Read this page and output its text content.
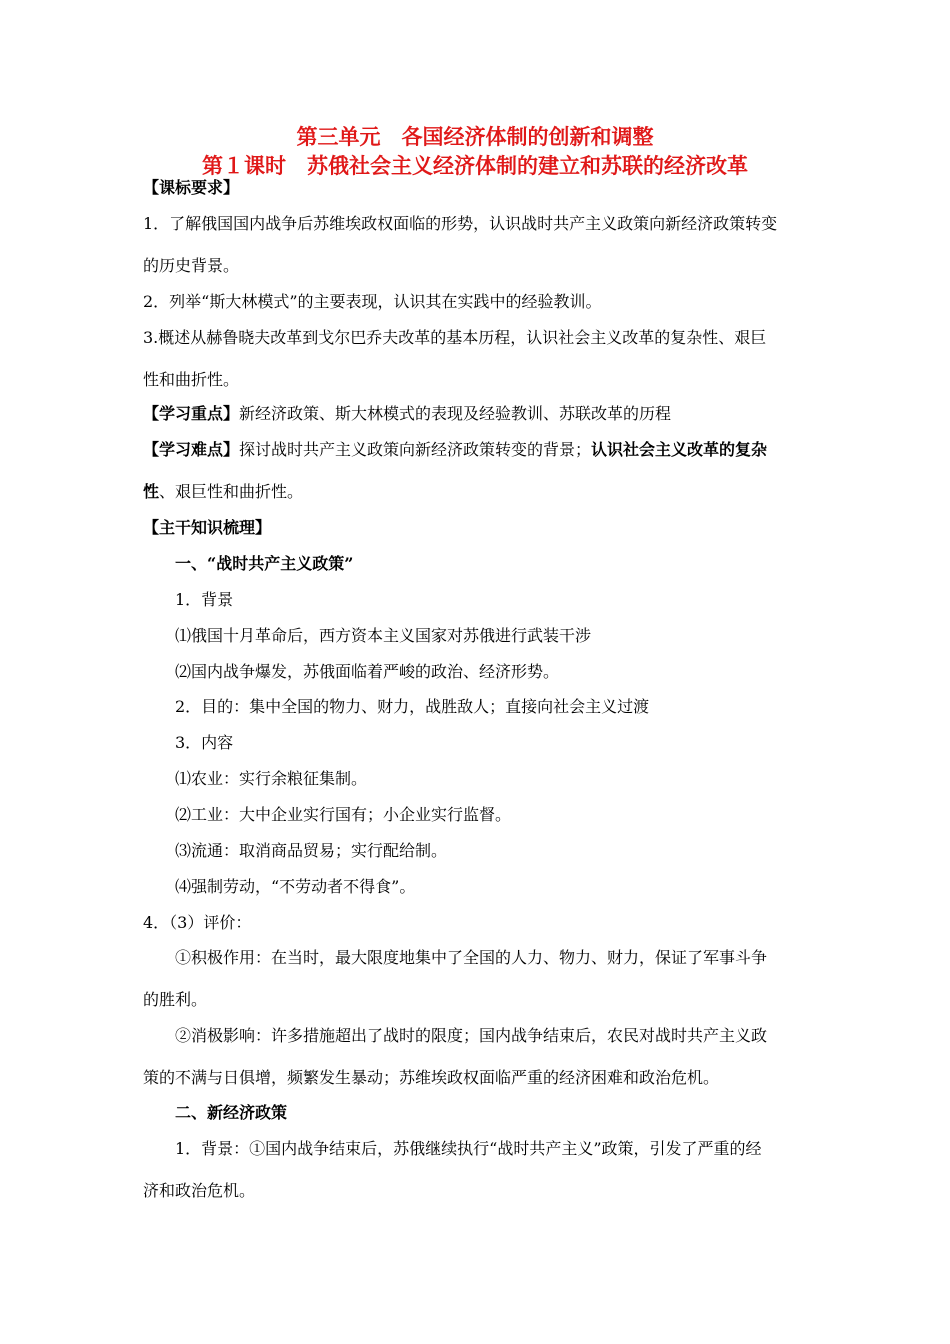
第三单元　各国经济体制的创新和调整
第１课时　苏俄社会主义经济体制的建立和苏联的经济改革
【课标要求】
1．了解俄国国内战争后苏维埃政权面临的形势，认识战时共产主义政策向新经济政策转变
的历史背景。
2．列举“斯大林模式”的主要表现，认识其在实践中的经验教训。
3.概述从赫鲁晓夫改革到戈尔巴乔夫改革的基本历程，认识社会主义改革的复杂性、艰巨
性和曲折性。
【学习重点】新经济政策、斯大林模式的表现及经验教训、苏联改革的历程
【学习难点】探讨战时共产主义政策向新经济政策转变的背景；认识社会主义改革的复杂
性、艰巨性和曲折性。
【主干知识梳理】
一、“战时共产主义政策”
1．背景
⑴俄国十月革命后，西方资本主义国家对苏俄进行武装干涉
⑵国内战争爆发，苏俄面临着严峻的政治、经济形势。
2．目的：集中全国的物力、财力，战胜敌人；直接向社会主义过渡
3．内容
⑴农业：实行余粮征集制。
⑵工业：大中企业实行国有；小企业实行监督。
⑶流通：取消商品贸易；实行配给制。
⑷强制劳动，“不劳动者不得食”。
4．（3）评价：
①积极作用：在当时，最大限度地集中了全国的人力、物力、财力，保证了军事斗争
的胜利。
②消极影响：许多措施超出了战时的限度；国内战争结束后，农民对战时共产主义政
策的不满与日俱增，频繁发生暴动；苏维埃政权面临严重的经济困难和政治危机。
二、新经济政策
1．背景：①国内战争结束后，苏俄继续执行“战时共产主义”政策，引发了严重的经
济和政治危机。
